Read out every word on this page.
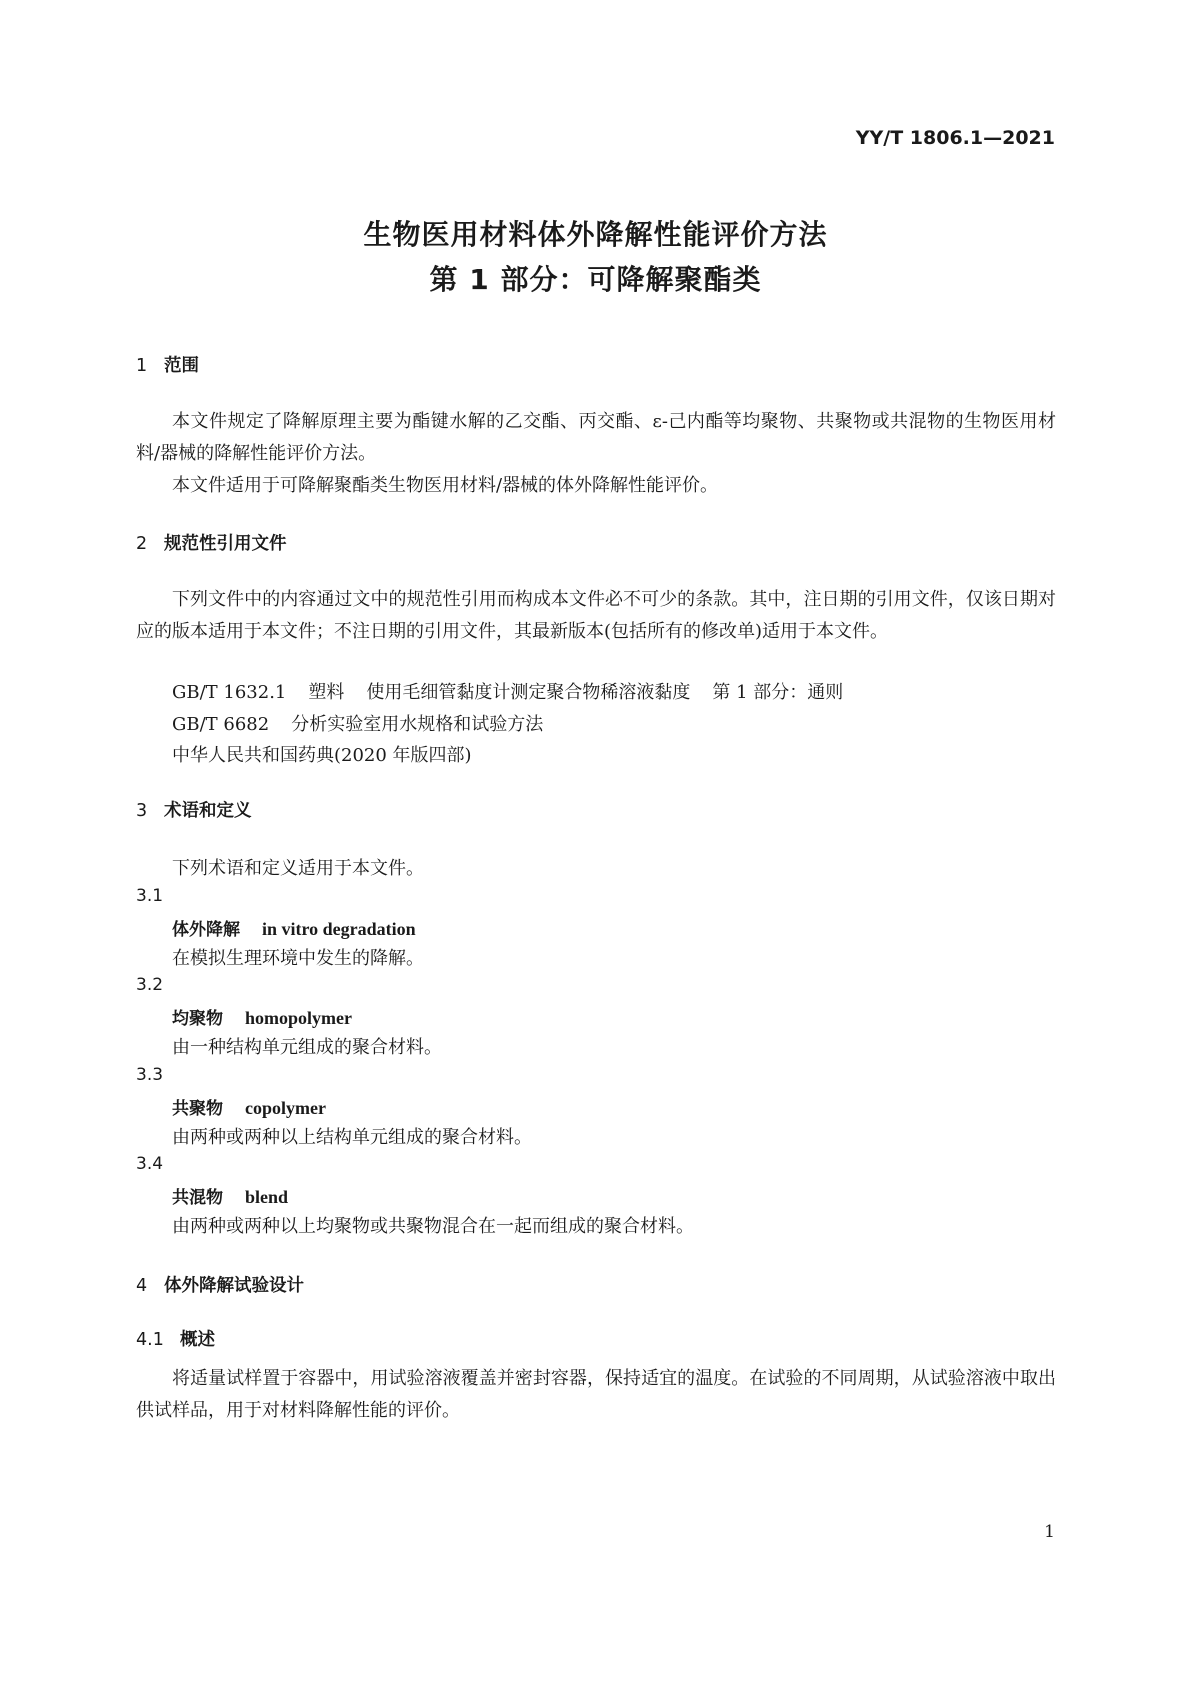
YY/T 1806.1—2021
生物医用材料体外降解性能评价方法
第 1 部分：可降解聚酯类
1 范围
本文件规定了降解原理主要为酯键水解的乙交酯、丙交酯、ε-己内酯等均聚物、共聚物或共混物的生物医用材料/器械的降解性能评价方法。
本文件适用于可降解聚酯类生物医用材料/器械的体外降解性能评价。
2 规范性引用文件
下列文件中的内容通过文中的规范性引用而构成本文件必不可少的条款。其中，注日期的引用文件，仅该日期对应的版本适用于本文件；不注日期的引用文件，其最新版本(包括所有的修改单)适用于本文件。
GB/T 1632.1 塑料 使用毛细管黏度计测定聚合物稀溶液黏度 第 1 部分：通则
GB/T 6682 分析实验室用水规格和试验方法
中华人民共和国药典(2020 年版四部)
3 术语和定义
下列术语和定义适用于本文件。
3.1
体外降解 in vitro degradation
在模拟生理环境中发生的降解。
3.2
均聚物 homopolymer
由一种结构单元组成的聚合材料。
3.3
共聚物 copolymer
由两种或两种以上结构单元组成的聚合材料。
3.4
共混物 blend
由两种或两种以上均聚物或共聚物混合在一起而组成的聚合材料。
4 体外降解试验设计
4.1 概述
将适量试样置于容器中，用试验溶液覆盖并密封容器，保持适宜的温度。在试验的不同周期，从试验溶液中取出供试样品，用于对材料降解性能的评价。
1
